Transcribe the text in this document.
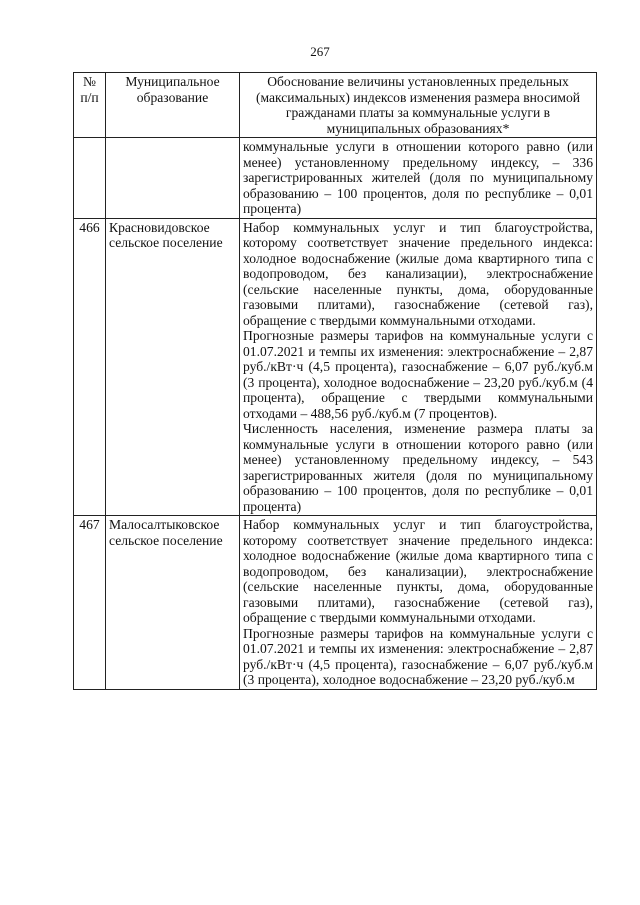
267
№ п/п	Муниципальное образование	Обоснование величины установленных предельных (максимальных) индексов изменения размера вносимой гражданами платы за коммунальные услуги в муниципальных образованиях*
		коммунальные услуги в отношении которого равно (или менее) установленному предельному индексу, – 336 зарегистрированных жителей (доля по муниципальному образованию – 100 процентов, доля по республике – 0,01 процента)
466	Красновидовское сельское поселение	Набор коммунальных услуг и тип благоустройства, которому соответствует значение предельного индекса: холодное водоснабжение (жилые дома квартирного типа с водопроводом, без канализации), электроснабжение (сельские населенные пункты, дома, оборудованные газовыми плитами), газоснабжение (сетевой газ), обращение с твердыми коммунальными отходами.
Прогнозные размеры тарифов на коммунальные услуги с 01.07.2021 и темпы их изменения: электроснабжение – 2,87 руб./кВт·ч (4,5 процента), газоснабжение – 6,07 руб./куб.м (3 процента), холодное водоснабжение – 23,20 руб./куб.м (4 процента), обращение с твердыми коммунальными отходами – 488,56 руб./куб.м (7 процентов).
Численность населения, изменение размера платы за коммунальные услуги в отношении которого равно (или менее) установленному предельному индексу, – 543 зарегистрированных жителя (доля по муниципальному образованию – 100 процентов, доля по республике – 0,01 процента)

467	Малосалтыковское сельское поселение	Набор коммунальных услуг и тип благоустройства, которому соответствует значение предельного индекса: холодное водоснабжение (жилые дома квартирного типа с водопроводом, без канализации), электроснабжение (сельские населенные пункты, дома, оборудованные газовыми плитами), газоснабжение (сетевой газ), обращение с твердыми коммунальными отходами.
Прогнозные размеры тарифов на коммунальные услуги с 01.07.2021 и темпы их изменения: электроснабжение – 2,87 руб./кВт·ч (4,5 процента), газоснабжение – 6,07 руб./куб.м (3 процента), холодное водоснабжение – 23,20 руб./куб.м
